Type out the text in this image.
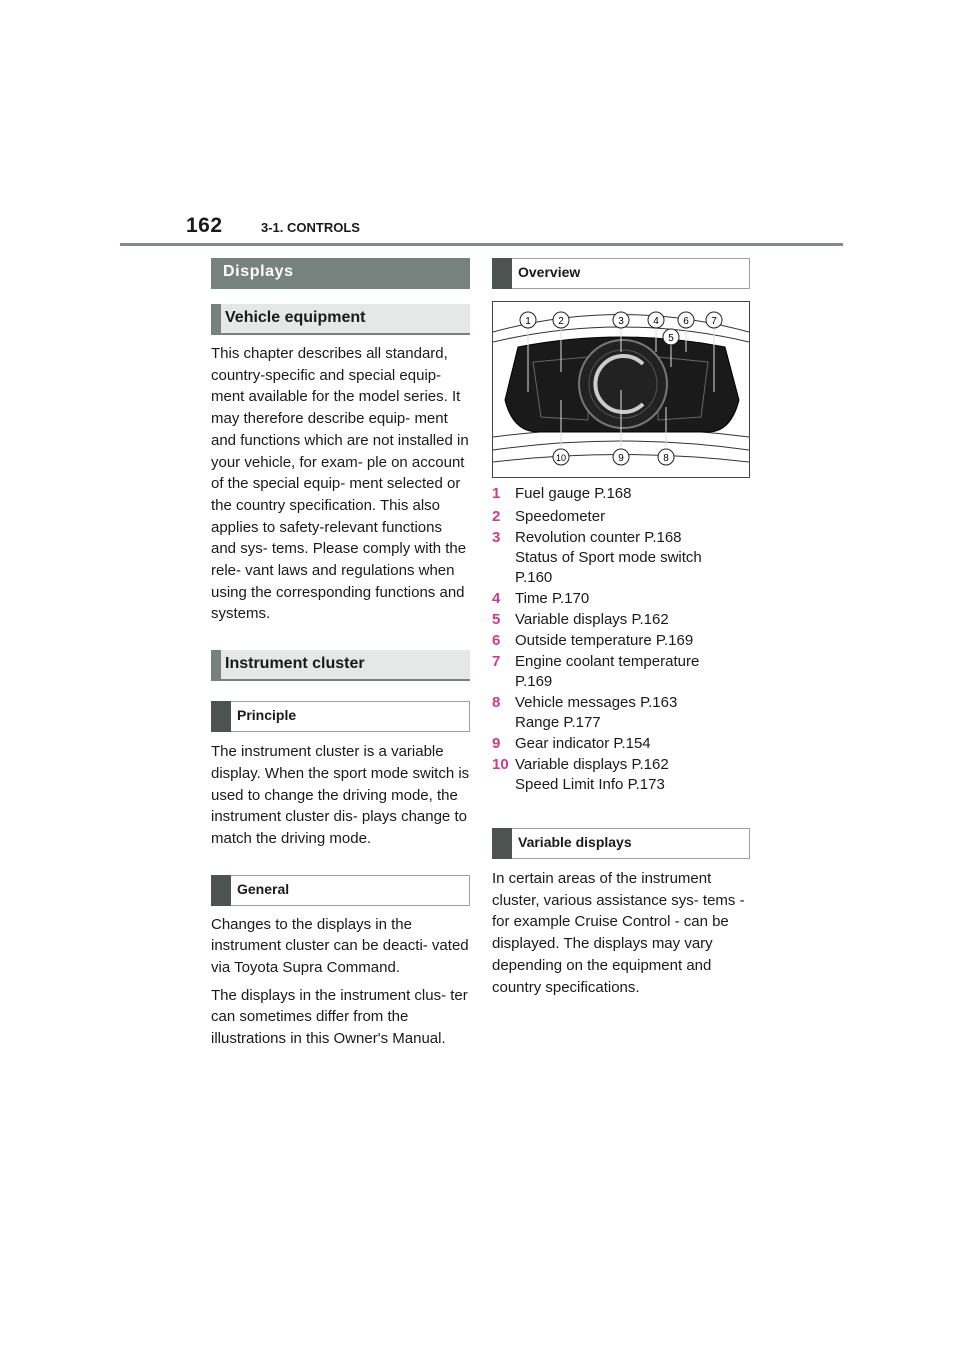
162	3-1. CONTROLS
Displays
Vehicle equipment

This chapter describes all standard, country-specific and special equip- ment available for the model series. It may therefore describe equip- ment and functions which are not installed in your vehicle, for exam- ple on account of the special equip- ment selected or the country specification. This also applies to safety-relevant functions and sys- tems. Please comply with the rele- vant laws and regulations when using the corresponding functions and systems.

Instrument cluster
Principle

The instrument cluster is a variable display. When the sport mode switch is used to change the driving mode, the instrument cluster dis- plays change to match the driving mode.

General

Changes to the displays in the instrument cluster can be deacti- vated via Toyota Supra Command.

The displays in the instrument clus- ter can sometimes differ from the illustrations in this Owner's Manual.

Overview
1	2	3	4
5
6 7
8
9
10
1 Fuel gauge P.168
2 Speedometer
3 Revolution counter P.168
Status of Sport mode switch
P.160
4 Time P.170
5 Variable displays P.162
6 Outside temperature P.169
7 Engine coolant temperature
P.169
8 Vehicle messages P.163
Range P.177
9 Gear indicator P.154
10 Variable displays P.162
Speed Limit Info P.173
Variable displays

In certain areas of the instrument cluster, various assistance sys- tems - for example Cruise Control - can be displayed. The displays may vary depending on the equipment and country specifications.
